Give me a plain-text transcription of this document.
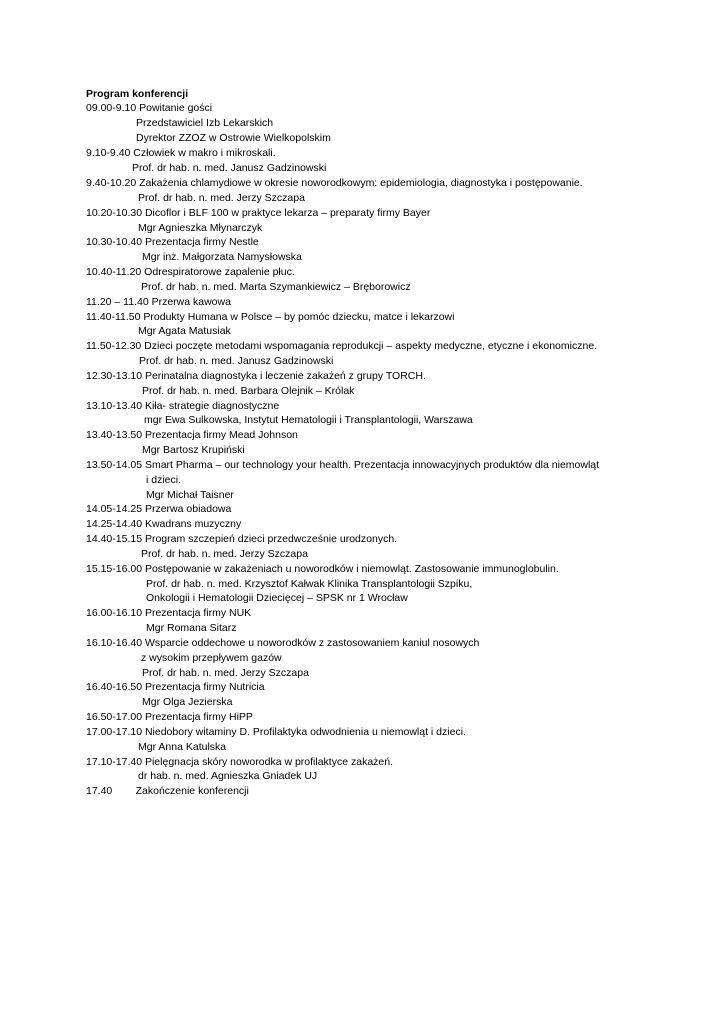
Program konferencji
09.00-9.10 Powitanie gości
Przedstawiciel Izb Lekarskich
Dyrektor ZZOZ w Ostrowie Wielkopolskim
9.10-9.40 Człowiek w makro i mikroskali.
Prof. dr hab. n. med. Janusz Gadzinowski
9.40-10.20 Zakażenia chlamydiowe w okresie noworodkowym: epidemiologia, diagnostyka i postępowanie.
Prof. dr hab. n. med. Jerzy Szczapa
10.20-10.30 Dicoflor i BLF 100 w praktyce lekarza – preparaty firmy Bayer
Mgr Agnieszka Młynarczyk
10.30-10.40 Prezentacja firmy Nestle
Mgr inż. Małgorzata Namysłowska
10.40-11.20 Odrespiratorowe zapalenie płuc.
Prof. dr hab. n. med. Marta Szymankiewicz – Bręborowicz
11.20 – 11.40 Przerwa kawowa
11.40-11.50 Produkty Humana w Polsce – by pomóc dziecku, matce i lekarzowi
Mgr Agata Matusiak
11.50-12.30 Dzieci poczęte metodami wspomagania reprodukcji – aspekty medyczne, etyczne i ekonomiczne.
Prof. dr hab. n. med. Janusz Gadzinowski
12.30-13.10 Perinatalna diagnostyka i leczenie zakażeń z grupy TORCH.
Prof. dr hab. n. med. Barbara Olejnik – Królak
13.10-13.40 Kiła- strategie diagnostyczne
mgr Ewa Sulkowska, Instytut Hematologii i Transplantologii, Warszawa
13.40-13.50 Prezentacja firmy Mead Johnson
Mgr Bartosz Krupiński
13.50-14.05 Smart Pharma – our technology your health. Prezentacja innowacyjnych produktów dla niemowląt
i dzieci.
Mgr Michał Taisner
14.05-14.25 Przerwa obiadowa
14.25-14.40 Kwadrans muzyczny
14.40-15.15 Program szczepień dzieci przedwcześnie urodzonych.
Prof. dr hab. n. med. Jerzy Szczapa
15.15-16.00 Postępowanie w zakażeniach u noworodków i niemowląt. Zastosowanie immunoglobulin.
Prof. dr hab. n. med. Krzysztof Kałwak Klinika Transplantologii Szpiku,
Onkologii i Hematologii Dziecięcej – SPSK nr 1 Wrocław
16.00-16.10 Prezentacja firmy NUK
Mgr Romana Sitarz
16.10-16.40 Wsparcie oddechowe u noworodków z zastosowaniem kaniul nosowych
z wysokim przepływem gazów
Prof. dr hab. n. med. Jerzy Szczapa
16.40-16.50 Prezentacja firmy Nutricia
Mgr Olga Jezierska
16.50-17.00 Prezentacja firmy HiPP
17.00-17.10 Niedobory witaminy D. Profilaktyka odwodnienia u niemowląt i dzieci.
Mgr Anna Katulska
17.10-17.40 Pielęgnacja skóry noworodka w profilaktyce zakażeń.
dr hab. n. med. Agnieszka Gniadek UJ
17.40        Zakończenie konferencji
